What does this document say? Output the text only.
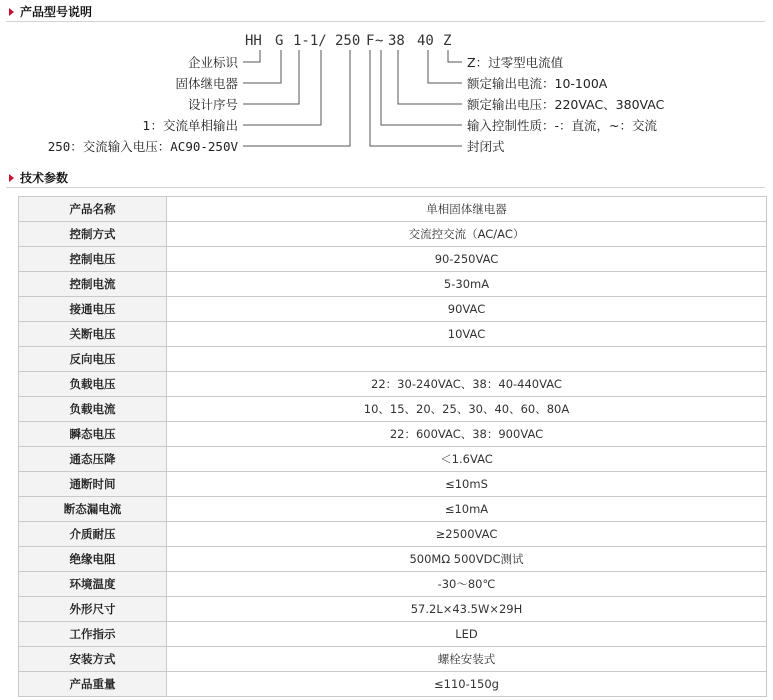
产品型号说明
HH G 1-1/ 250 F ~ 38 40 Z
企业标识
固体继电器
设计序号
1：交流单相输出
250：交流输入电压：AC90-250V
Z：过零型电流值
额定输出电流：10-100A
额定输出电压：220VAC、380VAC
输入控制性质：-：直流，~：交流
封闭式
技术参数
产品名称	单相固体继电器
控制方式	交流控交流（AC/AC）
控制电压	90-250VAC
控制电流	5-30mA
接通电压	90VAC
关断电压	10VAC
反向电压	
负载电压	22：30-240VAC、38：40-440VAC
负载电流	10、15、20、25、30、40、60、80A
瞬态电压	22：600VAC、38：900VAC
通态压降	＜1.6VAC
通断时间	≤10mS
断态漏电流	≤10mA
介质耐压	≥2500VAC
绝缘电阻	500MΩ 500VDC测试
环境温度	-30～80℃
外形尺寸	57.2L×43.5W×29H
工作指示	LED
安装方式	螺栓安装式
产品重量	≤110-150g
